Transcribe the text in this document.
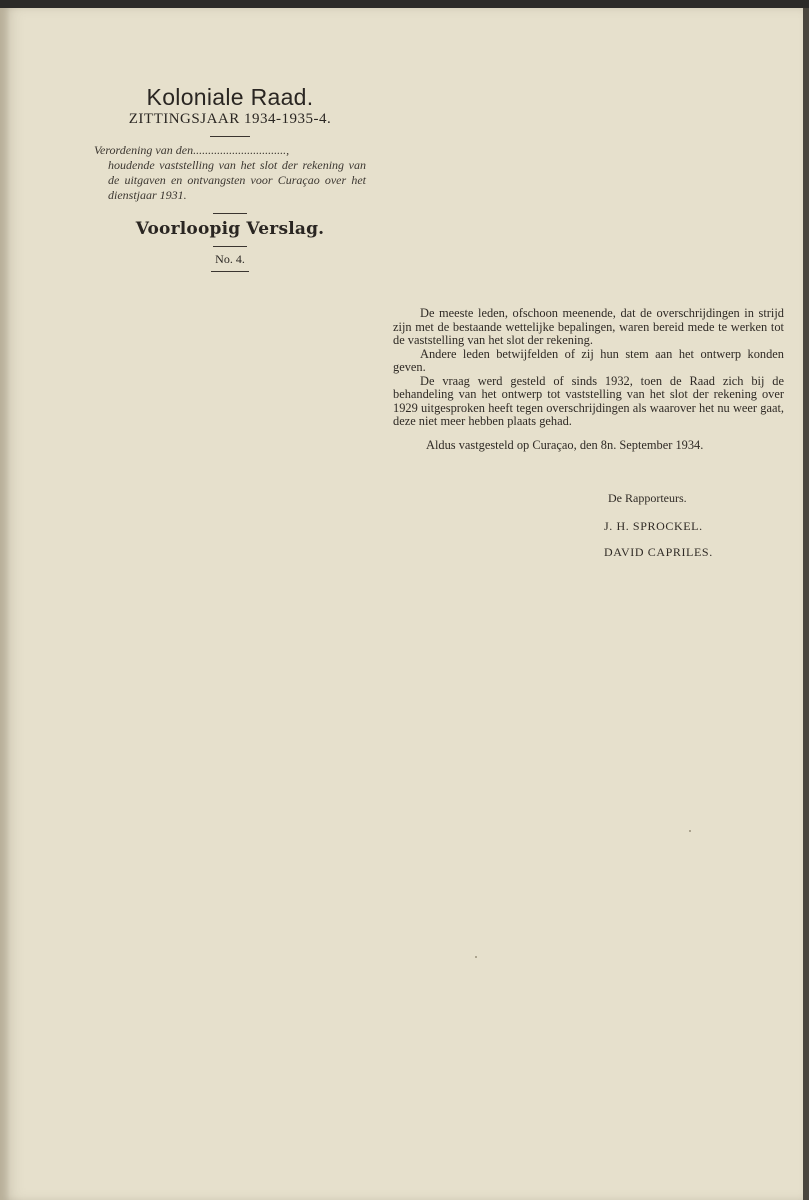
Koloniale Raad.
ZITTINGSJAAR 1934-1935-4.
Verordening van den...............................,
houdende vaststelling van het slot der rekening van de uitgaven en ontvangsten voor Curaçao over het dienstjaar 1931.
Voorloopig Verslag.
No. 4.

De meeste leden, ofschoon meenende, dat de overschrijdingen in strijd zijn met de bestaande wettelijke bepalingen, waren bereid mede te werken tot de vaststelling van het slot der rekening.

Andere leden betwijfelden of zij hun stem aan het ontwerp konden geven.

De vraag werd gesteld of sinds 1932, toen de Raad zich bij de behandeling van het ontwerp tot vaststelling van het slot der rekening over 1929 uitgesproken heeft tegen overschrijdingen als waarover het nu weer gaat, deze niet meer hebben plaats gehad.

Aldus vastgesteld op Curaçao, den 8n. September 1934.

De Rapporteurs.
J. H. SPROCKEL.
DAVID CAPRILES.
